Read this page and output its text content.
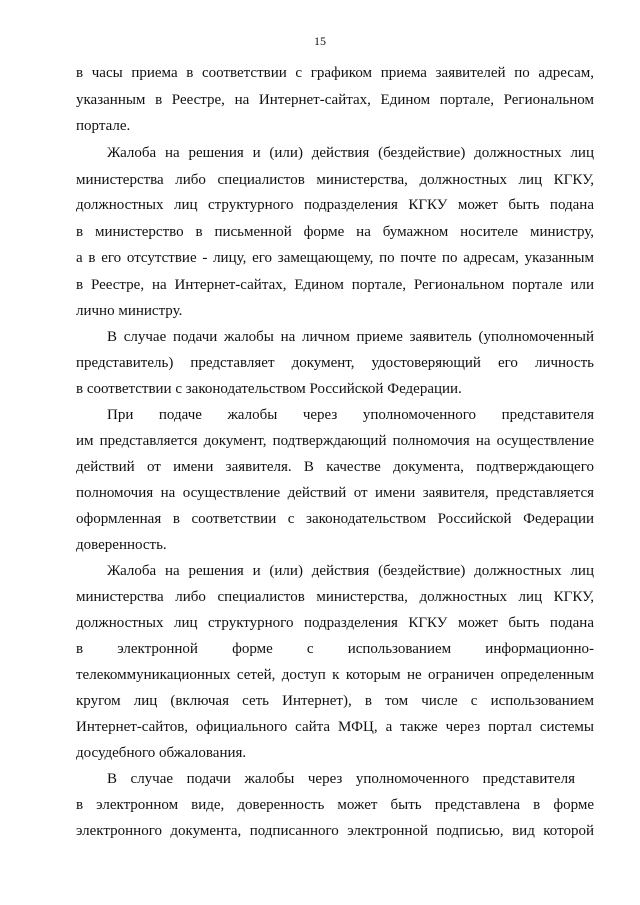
15
в часы приема в соответствии с графиком приема заявителей по адресам,
указанным в Реестре, на Интернет-сайтах, Едином портале, Региональном
портале.
Жалоба на решения и (или) действия (бездействие) должностных лиц
министерства либо специалистов министерства, должностных лиц КГКУ,
должностных лиц структурного подразделения КГКУ может быть подана
в министерство в письменной форме на бумажном носителе министру,
а в его отсутствие - лицу, его замещающему, по почте по адресам, указанным
в Реестре, на Интернет-сайтах, Едином портале, Региональном портале или
лично министру.
В случае подачи жалобы на личном приеме заявитель (уполномоченный
представитель) представляет документ, удостоверяющий его личность
в соответствии с законодательством Российской Федерации.
При подаче жалобы через уполномоченного представителя
им представляется документ, подтверждающий полномочия на осуществление
действий от имени заявителя. В качестве документа, подтверждающего
полномочия на осуществление действий от имени заявителя, представляется
оформленная в соответствии с законодательством Российской Федерации
доверенность.
Жалоба на решения и (или) действия (бездействие) должностных лиц
министерства либо специалистов министерства, должностных лиц КГКУ,
должностных лиц структурного подразделения КГКУ может быть подана
в электронной форме с использованием информационно-
телекоммуникационных сетей, доступ к которым не ограничен определенным
кругом лиц (включая сеть Интернет), в том числе с использованием
Интернет-сайтов, официального сайта МФЦ, а также через портал системы
досудебного обжалования.
В случае подачи жалобы через уполномоченного представителя
в электронном виде, доверенность может быть представлена в форме
электронного документа, подписанного электронной подписью, вид которой
